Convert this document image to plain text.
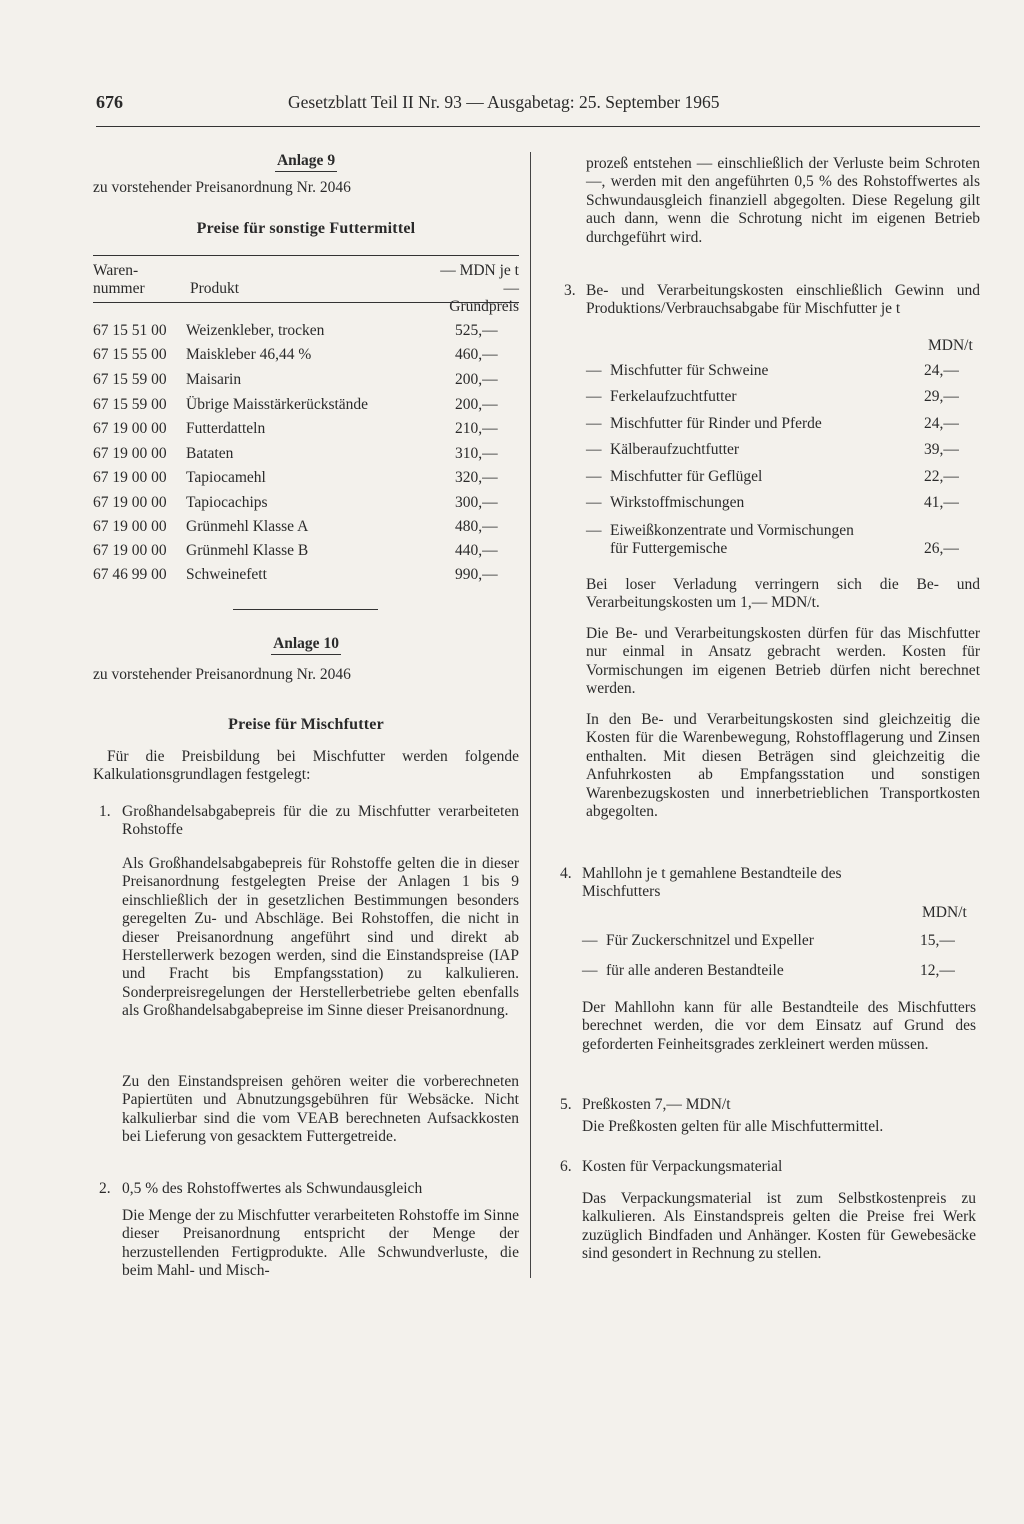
676	Gesetzblatt Teil II Nr. 93 — Ausgabetag: 25. September 1965
Anlage 9
zu vorstehender Preisanordnung Nr. 2046
Preise für sonstige Futtermittel
Waren-
nummer	Produkt
— MDN je t —
Grundpreis
67 15 51 00 Weizenkleber, trocken	525,—
67 15 55 00 Maiskleber 46,44 %	460,—
67 15 59 00 Maisarin	200,—
67 15 59 00 Übrige Maisstärkerückstände	200,—
67 19 00 00 Futterdatteln	210,—
67 19 00 00 Bataten	310,—
67 19 00 00 Tapiocamehl	320,—
67 19 00 00 Tapiocachips	300,—
67 19 00 00 Grünmehl Klasse A	480,—
67 19 00 00 Grünmehl Klasse B	440,—
67 46 99 00 Schweinefett	990,—
Anlage 10
zu vorstehender Preisanordnung Nr. 2046
Preise für Mischfutter
Für die Preisbildung bei Mischfutter werden folgende Kalkulationsgrundlagen festgelegt:
1. Großhandelsabgabepreis für die zu Mischfutter verarbeiteten Rohstoffe
Als Großhandelsabgabepreis für Rohstoffe gelten die in dieser Preisanordnung festgelegten Preise der Anlagen 1 bis 9 einschließlich der in gesetzlichen Bestimmungen besonders geregelten Zu- und Abschläge. Bei Rohstoffen, die nicht in dieser Preisanordnung angeführt sind und direkt ab Herstellerwerk bezogen werden, sind die Einstandspreise (IAP und Fracht bis Empfangsstation) zu kalkulieren. Sonderpreisregelungen der Herstellerbetriebe gelten ebenfalls als Großhandelsabgabepreise im Sinne dieser Preisanordnung.
Zu den Einstandspreisen gehören weiter die vorberechneten Papiertüten und Abnutzungsgebühren für Websäcke. Nicht kalkulierbar sind die vom VEAB berechneten Aufsackkosten bei Lieferung von gesacktem Futtergetreide.
2. 0,5 % des Rohstoffwertes als Schwundausgleich
Die Menge der zu Mischfutter verarbeiteten Rohstoffe im Sinne dieser Preisanordnung entspricht der Menge der herzustellenden Fertigprodukte. Alle Schwundverluste, die beim Mahl- und Misch-
prozeß entstehen — einschließlich der Verluste beim Schroten —, werden mit den angeführten 0,5 % des Rohstoffwertes als Schwundausgleich finanziell abgegolten. Diese Regelung gilt auch dann, wenn die Schrotung nicht im eigenen Betrieb durchgeführt wird.
3. Be- und Verarbeitungskosten einschließlich Gewinn und Produktions/Verbrauchsabgabe für Mischfutter je t
MDN/t
— Mischfutter für Schweine	24,—
— Ferkelaufzuchtfutter	29,—
— Mischfutter für Rinder und Pferde	24,—
— Kälberaufzuchtfutter	39,—
— Mischfutter für Geflügel	22,—
— Wirkstoffmischungen	41,—
— Eiweißkonzentrate und Vormischungen
für Futtergemische	26,—
Bei loser Verladung verringern sich die Be- und Verarbeitungskosten um 1,— MDN/t.
Die Be- und Verarbeitungskosten dürfen für das Mischfutter nur einmal in Ansatz gebracht werden. Kosten für Vormischungen im eigenen Betrieb dürfen nicht berechnet werden.
In den Be- und Verarbeitungskosten sind gleichzeitig die Kosten für die Warenbewegung, Rohstofflagerung und Zinsen enthalten. Mit diesen Beträgen sind gleichzeitig die Anfuhrkosten ab Empfangsstation und sonstigen Warenbezugskosten und innerbetrieblichen Transportkosten abgegolten.
4. Mahllohn je t gemahlene Bestandteile des Mischfutters
MDN/t
— Für Zuckerschnitzel und Expeller	15,—
— für alle anderen Bestandteile	12,—
Der Mahllohn kann für alle Bestandteile des Mischfutters berechnet werden, die vor dem Einsatz auf Grund des geforderten Feinheitsgrades zerkleinert werden müssen.
5. Preßkosten 7,— MDN/t
Die Preßkosten gelten für alle Mischfuttermittel.
6. Kosten für Verpackungsmaterial
Das Verpackungsmaterial ist zum Selbstkostenpreis zu kalkulieren. Als Einstandspreis gelten die Preise frei Werk zuzüglich Bindfaden und Anhänger. Kosten für Gewebesäcke sind gesondert in Rechnung zu stellen.
